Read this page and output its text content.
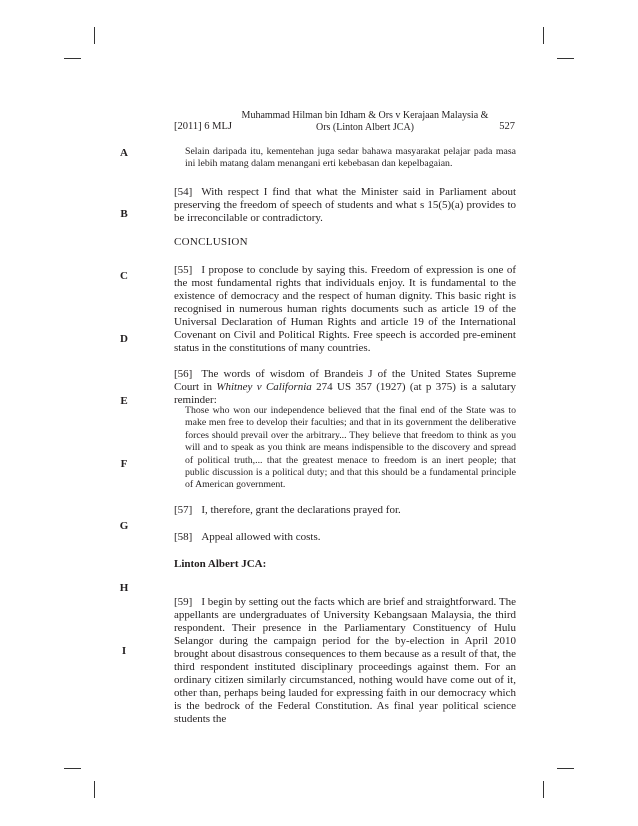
[2011] 6 MLJ
Muhammad Hilman bin Idham & Ors v Kerajaan Malaysia &
Ors (Linton Albert JCA)	527
A
B
C
D
E
F
G
H
I
Selain daripada itu, kementehan juga sedar bahawa masyarakat pelajar pada masa ini lebih matang dalam menangani erti kebebasan dan kepelbagaian.
[54] With respect I find that what the Minister said in Parliament about preserving the freedom of speech of students and what s 15(5)(a) provides to be irreconcilable or contradictory.
CONCLUSION
[55] I propose to conclude by saying this. Freedom of expression is one of the most fundamental rights that individuals enjoy. It is fundamental to the existence of democracy and the respect of human dignity. This basic right is recognised in numerous human rights documents such as article 19 of the Universal Declaration of Human Rights and article 19 of the International Covenant on Civil and Political Rights. Free speech is accorded pre-eminent status in the constitutions of many countries.
[56] The words of wisdom of Brandeis J of the United States Supreme Court in Whitney v California 274 US 357 (1927) (at p 375) is a salutary reminder:
Those who won our independence believed that the final end of the State was to make men free to develop their faculties; and that in its government the deliberative forces should prevail over the arbitrary... They believe that freedom to think as you will and to speak as you think are means indispensible to the discovery and spread of political truth,... that the greatest menace to freedom is an inert people; that public discussion is a political duty; and that this should be a fundamental principle of American government.
[57] I, therefore, grant the declarations prayed for.
[58] Appeal allowed with costs.
Linton Albert JCA:
[59] I begin by setting out the facts which are brief and straightforward. The appellants are undergraduates of University Kebangsaan Malaysia, the third respondent. Their presence in the Parliamentary Constituency of Hulu Selangor during the campaign period for the by-election in April 2010 brought about disastrous consequences to them because as a result of that, the third respondent instituted disciplinary proceedings against them. For an ordinary citizen similarly circumstanced, nothing would have come out of it, other than, perhaps being lauded for expressing faith in our democracy which is the bedrock of the Federal Constitution. As final year political science students the
